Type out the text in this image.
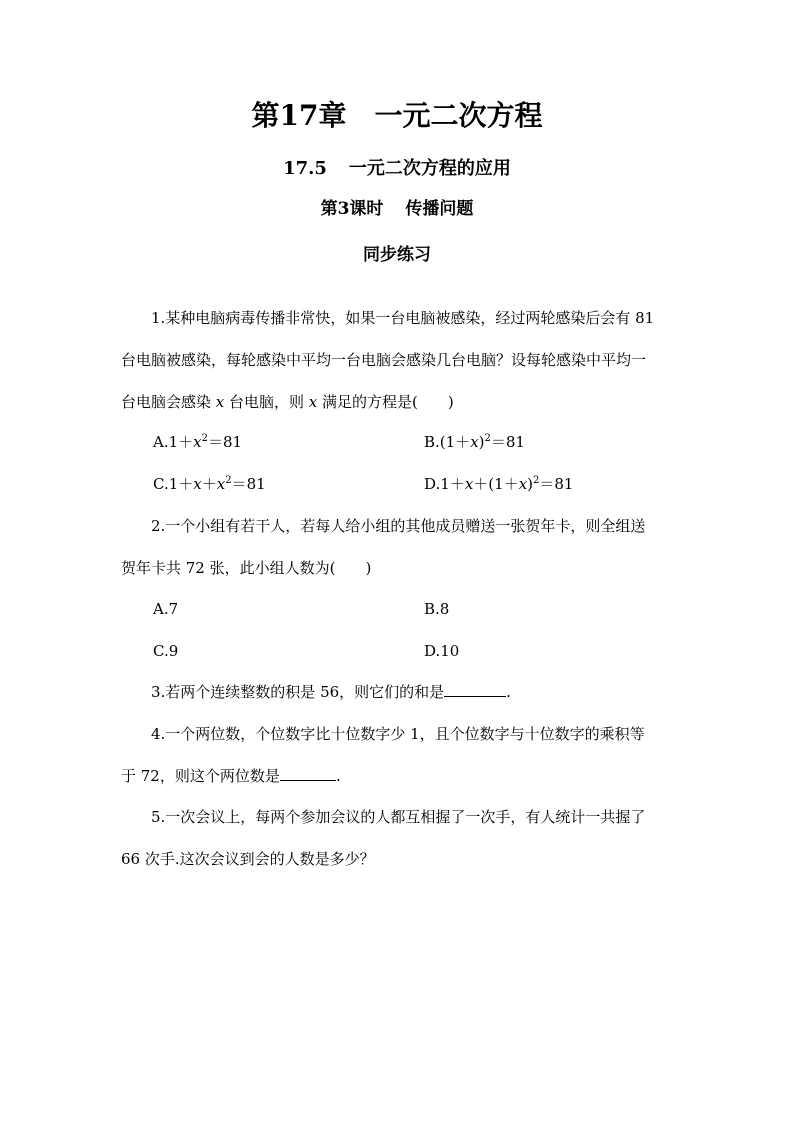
第17章 一元二次方程
17.5 一元二次方程的应用
第3课时 传播问题
同步练习
1.某种电脑病毒传播非常快，如果一台电脑被感染，经过两轮感染后会有 81
台电脑被感染，每轮感染中平均一台电脑会感染几台电脑？设每轮感染中平均一
台电脑会感染 x 台电脑，则 x 满足的方程是( )
$A.1+x^2=81$	$B.(1+x)^2=81$
$C.1+x+x^2=81$	$D.1+x+(1+x)^2=81$
2.一个小组有若干人，若每人给小组的其他成员赠送一张贺年卡，则全组送
贺年卡共 72 张，此小组人数为( )
A.7	B.8
C.9	D.10
3.若两个连续整数的积是 56，则它们的和是	.
4.一个两位数，个位数字比十位数字少 1，且个位数字与十位数字的乘积等
于 72，则这个两位数是	.
5.一次会议上，每两个参加会议的人都互相握了一次手，有人统计一共握了
66 次手.这次会议到会的人数是多少？
